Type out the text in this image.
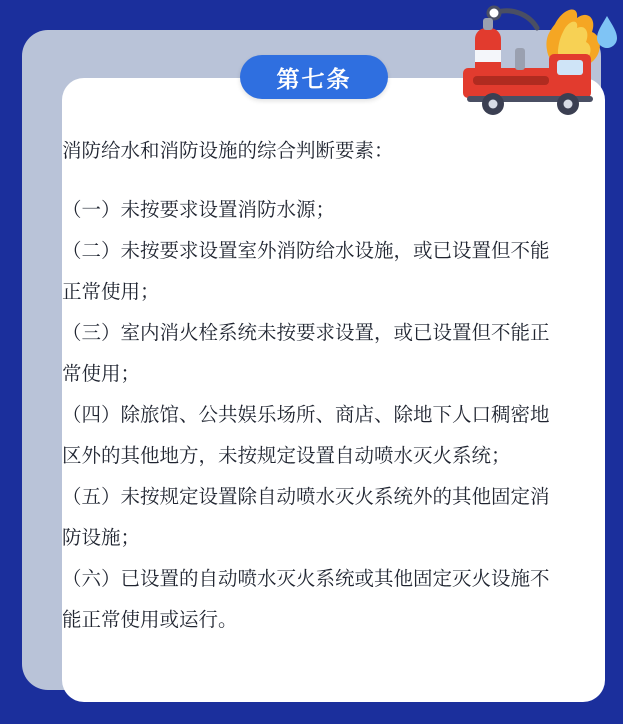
第七条

消防给水和消防设施的综合判断要素：

（一）未按要求设置消防水源；

（二）未按要求设置室外消防给水设施，或已设置但不能正常使用；

（三）室内消火栓系统未按要求设置，或已设置但不能正常使用；

（四）除旅馆、公共娱乐场所、商店、除地下人口稠密地区外的其他地方，未按规定设置自动喷水灭火系统；

（五）未按规定设置除自动喷水灭火系统外的其他固定消防设施；

（六）已设置的自动喷水灭火系统或其他固定灭火设施不能正常使用或运行。
